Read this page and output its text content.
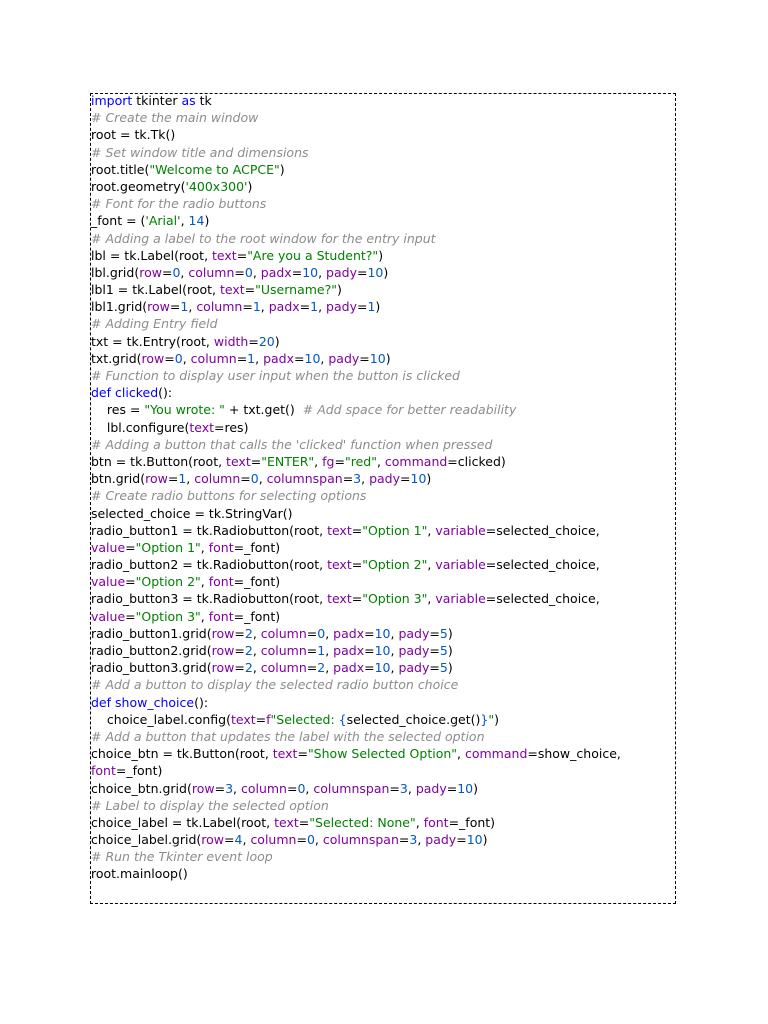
import tkinter as tk
# Create the main window
root = tk.Tk()
# Set window title and dimensions
root.title("Welcome to ACPCE")
root.geometry('400x300')
# Font for the radio buttons
_font = ('Arial', 14)
# Adding a label to the root window for the entry input
lbl = tk.Label(root, text="Are you a Student?")
lbl.grid(row=0, column=0, padx=10, pady=10)
lbl1 = tk.Label(root, text="Username?")
lbl1.grid(row=1, column=1, padx=1, pady=1)
# Adding Entry field
txt = tk.Entry(root, width=20)
txt.grid(row=0, column=1, padx=10, pady=10)
# Function to display user input when the button is clicked
def clicked():
res = "You wrote: " + txt.get()  # Add space for better readability
lbl.configure(text=res)
# Adding a button that calls the 'clicked' function when pressed
btn = tk.Button(root, text="ENTER", fg="red", command=clicked)
btn.grid(row=1, column=0, columnspan=3, pady=10)
# Create radio buttons for selecting options
selected_choice = tk.StringVar()
radio_button1 = tk.Radiobutton(root, text="Option 1", variable=selected_choice,
value="Option 1", font=_font)
radio_button2 = tk.Radiobutton(root, text="Option 2", variable=selected_choice,
value="Option 2", font=_font)
radio_button3 = tk.Radiobutton(root, text="Option 3", variable=selected_choice,
value="Option 3", font=_font)
radio_button1.grid(row=2, column=0, padx=10, pady=5)
radio_button2.grid(row=2, column=1, padx=10, pady=5)
radio_button3.grid(row=2, column=2, padx=10, pady=5)
# Add a button to display the selected radio button choice
def show_choice():
choice_label.config(text=f"Selected: {selected_choice.get()}")
# Add a button that updates the label with the selected option
choice_btn = tk.Button(root, text="Show Selected Option", command=show_choice,
font=_font)
choice_btn.grid(row=3, column=0, columnspan=3, pady=10)
# Label to display the selected option
choice_label = tk.Label(root, text="Selected: None", font=_font)
choice_label.grid(row=4, column=0, columnspan=3, pady=10)
# Run the Tkinter event loop
root.mainloop()
